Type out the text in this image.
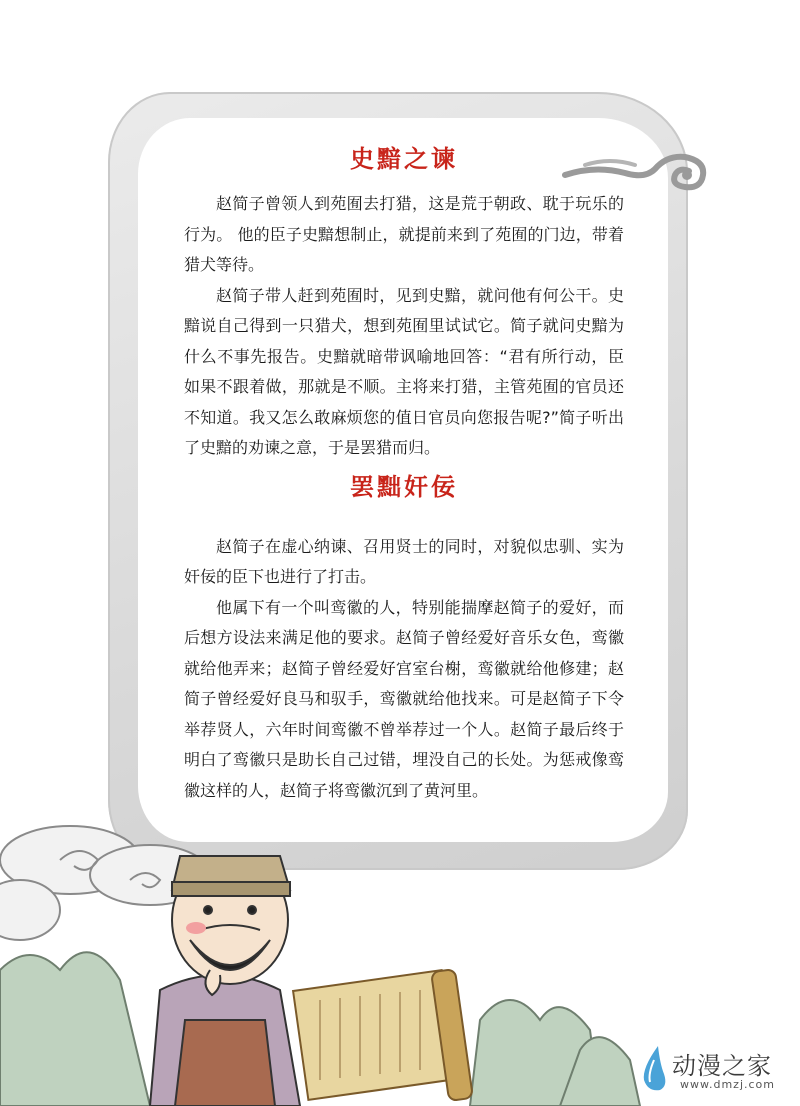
史黯之谏

赵简子曾领人到苑囿去打猎，这是荒于朝政、耽于玩乐的行为。 他的臣子史黯想制止，就提前来到了苑囿的门边，带着猎犬等待。

赵简子带人赶到苑囿时，见到史黯，就问他有何公干。史黯说自己得到一只猎犬，想到苑囿里试试它。简子就问史黯为什么不事先报告。史黯就暗带讽喻地回答：“君有所行动，臣如果不跟着做，那就是不顺。主将来打猎，主管苑囿的官员还不知道。我又怎么敢麻烦您的值日官员向您报告呢?”简子听出了史黯的劝谏之意，于是罢猎而归。

罢黜奸佞

赵简子在虚心纳谏、召用贤士的同时，对貌似忠驯、实为奸佞的臣下也进行了打击。

他属下有一个叫鸾徽的人，特别能揣摩赵简子的爱好，而后想方设法来满足他的要求。赵简子曾经爱好音乐女色，鸾徽就给他弄来；赵简子曾经爱好宫室台榭，鸾徽就给他修建；赵简子曾经爱好良马和驭手，鸾徽就给他找来。可是赵简子下令举荐贤人，六年时间鸾徽不曾举荐过一个人。赵简子最后终于明白了鸾徽只是助长自己过错，埋没自己的长处。为惩戒像鸾徽这样的人，赵简子将鸾徽沉到了黄河里。

动漫之家
www.dmzj.com
